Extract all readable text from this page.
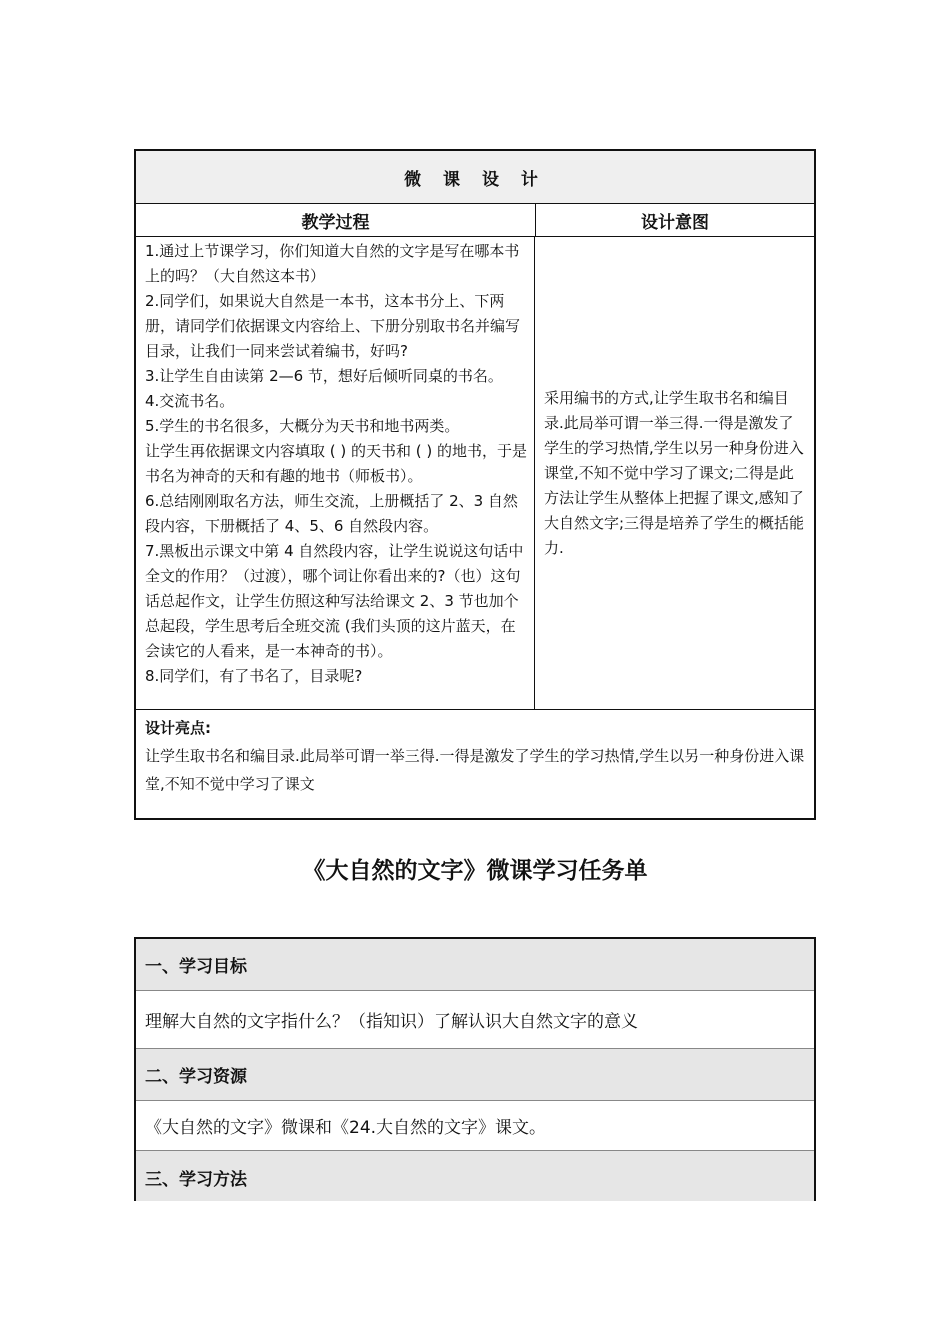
微 课 设 计
教学过程	设计意图

1.通过上节课学习，你们知道大自然的文字是写在哪本书上的吗？（大自然这本书）

2.同学们，如果说大自然是一本书，这本书分上、下两册，请同学们依据课文内容给上、下册分别取书名并编写目录，让我们一同来尝试着编书，好吗?

3.让学生自由读第 2—6 节，想好后倾听同桌的书名。

4.交流书名。

5.学生的书名很多，大概分为天书和地书两类。

让学生再依据课文内容填取 ( ) 的天书和 ( ) 的地书，于是书名为神奇的天和有趣的地书（师板书）。

6.总结刚刚取名方法，师生交流，上册概括了 2、3 自然段内容，下册概括了 4、5、6 自然段内容。

7.黑板出示课文中第 4 自然段内容，让学生说说这句话中全文的作用？（过渡），哪个词让你看出来的?（也）这句话总起作文，让学生仿照这种写法给课文 2、3 节也加个总起段，学生思考后全班交流 (我们头顶的这片蓝天，在会读它的人看来，是一本神奇的书）。

8.同学们，有了书名了，目录呢?

采用编书的方式,让学生取书名和编目录.此局举可谓一举三得.一得是激发了学生的学习热情,学生以另一种身份进入课堂,不知不觉中学习了课文;二得是此方法让学生从整体上把握了课文,感知了大自然文字;三得是培养了学生的概括能力.
设计亮点:
让学生取书名和编目录.此局举可谓一举三得.一得是激发了学生的学习热情,学生以另一种身份进入课堂,不知不觉中学习了课文
《大自然的文字》微课学习任务单
一、学习目标
理解大自然的文字指什么？（指知识）了解认识大自然文字的意义
二、学习资源
《大自然的文字》微课和《24.大自然的文字》课文。
三、学习方法
